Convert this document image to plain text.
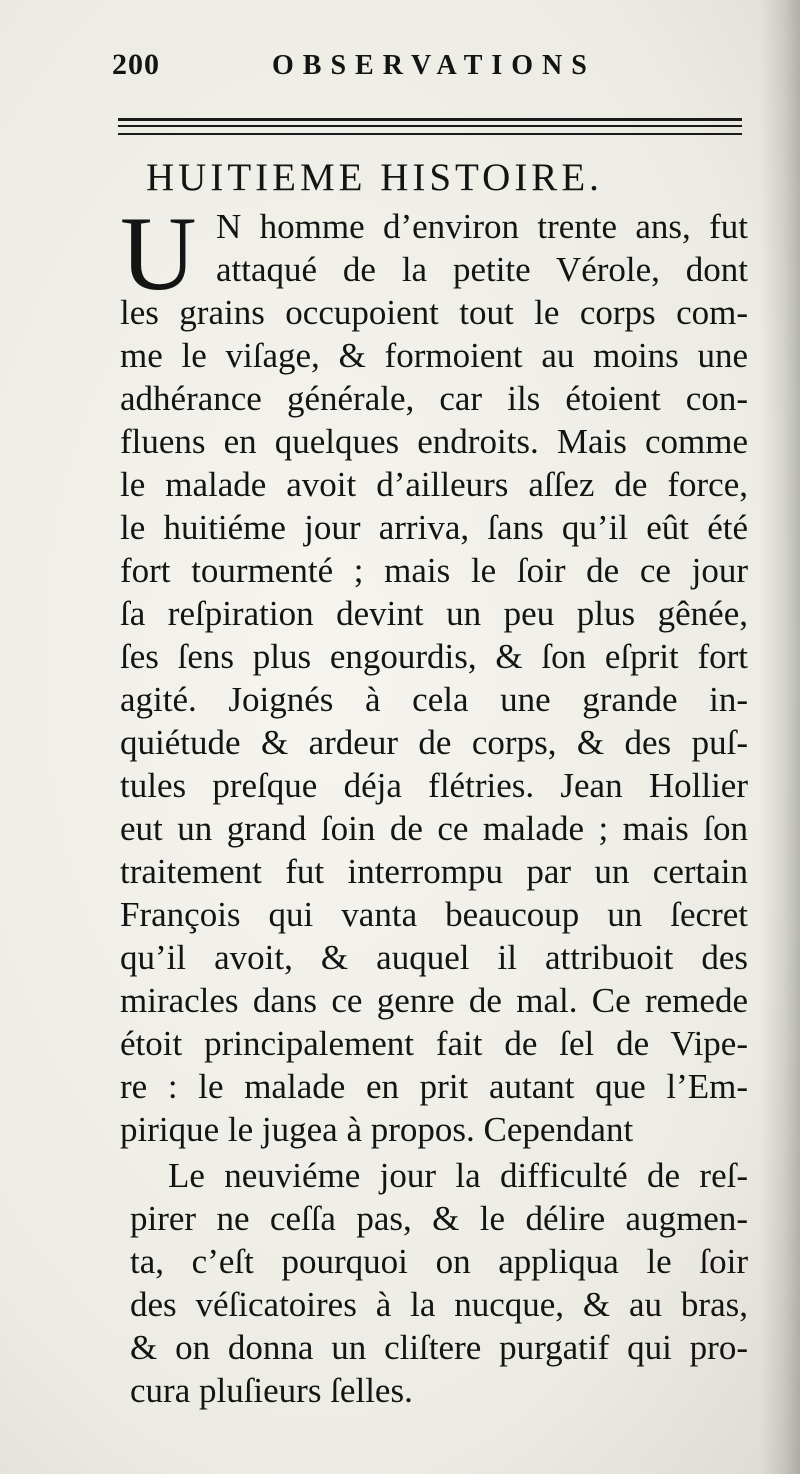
200	OBSERVATIONS
HUITIEME HISTOIRE.
U N homme d’environ trente ans, fut
attaqué de la petite Vérole, dont
les grains occupoient tout le corps com-
me le viſage, & formoient au moins une
adhérance générale, car ils étoient con-
fluens en quelques endroits. Mais comme
le malade avoit d’ailleurs aſſez de force,
le huitiéme jour arriva, ſans qu’il eût été
fort tourmenté ; mais le ſoir de ce jour
ſa reſpiration devint un peu plus gênée,
ſes ſens plus engourdis, & ſon eſprit fort
agité. Joignés à cela une grande in-
quiétude & ardeur de corps, & des puſ-
tules preſque déja flétries. Jean Hollier
eut un grand ſoin de ce malade ; mais ſon
traitement fut interrompu par un certain
François qui vanta beaucoup un ſecret
qu’il avoit, & auquel il attribuoit des
miracles dans ce genre de mal. Ce remede
étoit principalement fait de ſel de Vipe-
re : le malade en prit autant que l’Em-
pirique le jugea à propos. Cependant
Le neuviéme jour la difficulté de reſ-
pirer ne ceſſa pas, & le délire augmen-
ta, c’eſt pourquoi on appliqua le ſoir
des véſicatoires à la nucque, & au bras,
& on donna un cliſtere purgatif qui pro-
cura pluſieurs ſelles.
